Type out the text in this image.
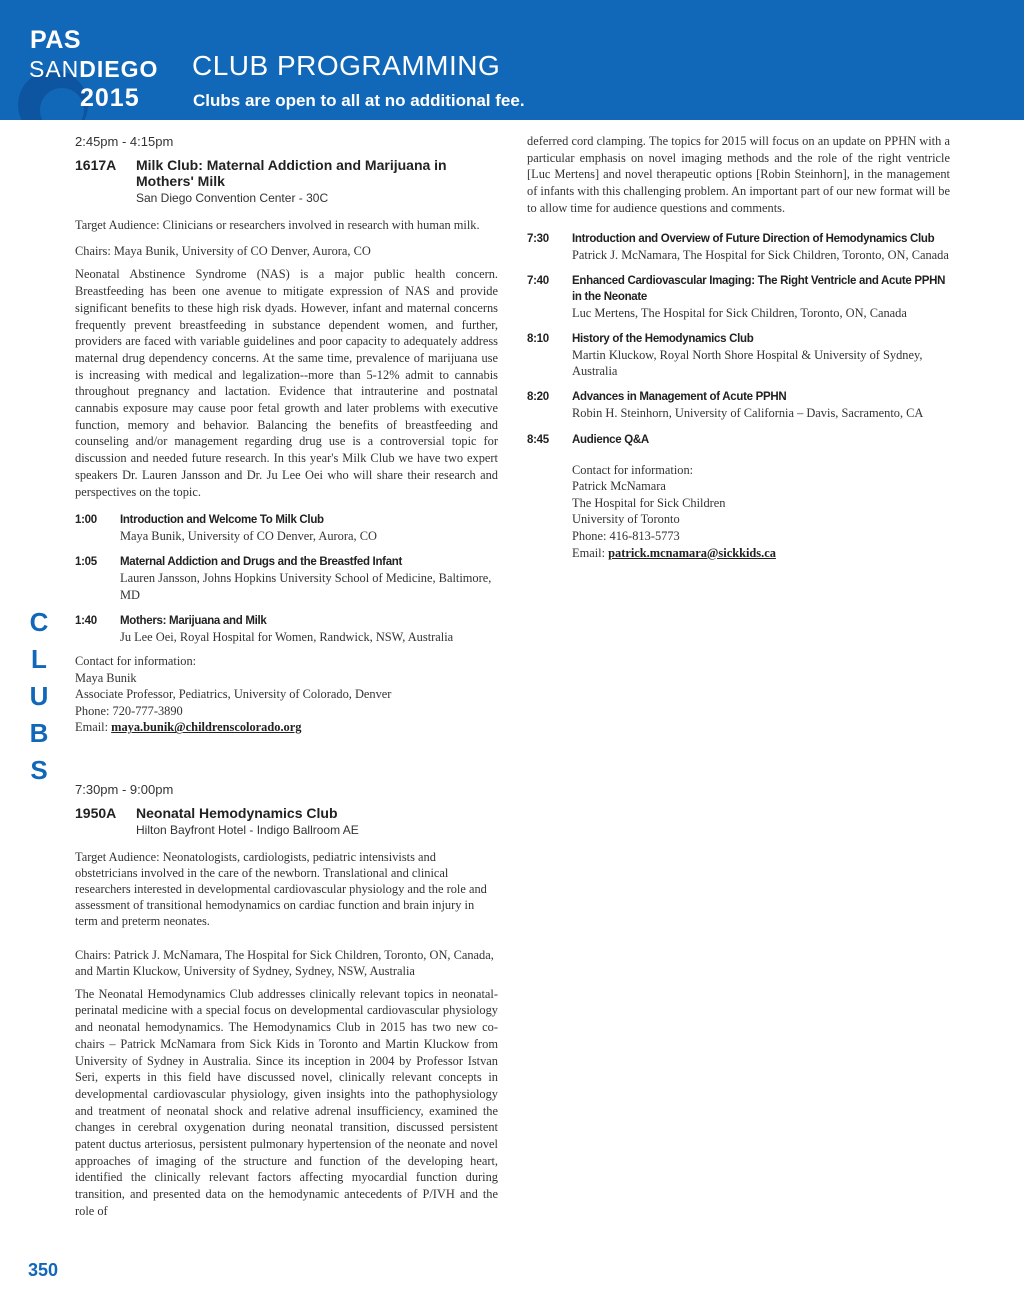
PAS
SANDIEGO
2015
CLUB PROGRAMMING
Clubs are open to all at no additional fee.
C
L
U
B
S
2:45pm - 4:15pm
1617A	Milk Club: Maternal Addiction and Marijuana in Mothers' Milk
San Diego Convention Center - 30C

Target Audience: Clinicians or researchers involved in research with human milk.

Chairs: Maya Bunik, University of CO Denver, Aurora, CO

Neonatal Abstinence Syndrome (NAS) is a major public health concern. Breastfeeding has been one avenue to mitigate expression of NAS and provide significant benefits to these high risk dyads. However, infant and maternal concerns frequently prevent breastfeeding in substance dependent women, and further, providers are faced with variable guidelines and poor capacity to adequately address maternal drug dependency concerns. At the same time, prevalence of marijuana use is increasing with medical and legalization--more than 5-12% admit to cannabis throughout pregnancy and lactation. Evidence that intrauterine and postnatal cannabis exposure may cause poor fetal growth and later problems with executive function, memory and behavior. Balancing the benefits of breastfeeding and counseling and/or management regarding drug use is a controversial topic for discussion and needed future research. In this year's Milk Club we have two expert speakers Dr. Lauren Jansson and Dr. Ju Lee Oei who will share their research and perspectives on the topic.

1:00	Introduction and Welcome To Milk Club
Maya Bunik, University of CO Denver, Aurora, CO
1:05	Maternal Addiction and Drugs and the Breastfed Infant
Lauren Jansson, Johns Hopkins University School of Medicine, Baltimore, MD
1:40	Mothers: Marijuana and Milk
Ju Lee Oei, Royal Hospital for Women, Randwick, NSW, Australia
Contact for information:
Maya Bunik
Associate Professor, Pediatrics, University of Colorado, Denver
Phone: 720-777-3890
Email: maya.bunik@childrenscolorado.org
7:30pm - 9:00pm
1950A	Neonatal Hemodynamics Club
Hilton Bayfront Hotel - Indigo Ballroom AE

Target Audience: Neonatologists, cardiologists, pediatric intensivists and obstetricians involved in the care of the newborn. Translational and clinical researchers interested in developmental cardiovascular physiology and the role and assessment of transitional hemodynamics on cardiac function and brain injury in term and preterm neonates.

Chairs: Patrick J. McNamara, The Hospital for Sick Children, Toronto, ON, Canada, and Martin Kluckow, University of Sydney, Sydney, NSW, Australia

The Neonatal Hemodynamics Club addresses clinically relevant topics in neonatal-perinatal medicine with a special focus on developmental cardiovascular physiology and neonatal hemodynamics. The Hemodynamics Club in 2015 has two new co-chairs – Patrick McNamara from Sick Kids in Toronto and Martin Kluckow from University of Sydney in Australia. Since its inception in 2004 by Professor Istvan Seri, experts in this field have discussed novel, clinically relevant concepts in developmental cardiovascular physiology, given insights into the pathophysiology and treatment of neonatal shock and relative adrenal insufficiency, examined the changes in cerebral oxygenation during neonatal transition, discussed persistent patent ductus arteriosus, persistent pulmonary hypertension of the neonate and novel approaches of imaging of the structure and function of the developing heart, identified the clinically relevant factors affecting myocardial function during transition, and presented data on the hemodynamic antecedents of P/IVH and the role of

deferred cord clamping. The topics for 2015 will focus on an update on PPHN with a particular emphasis on novel imaging methods and the role of the right ventricle [Luc Mertens] and novel therapeutic options [Robin Steinhorn], in the management of infants with this challenging problem. An important part of our new format will be to allow time for audience questions and comments.

7:30	Introduction and Overview of Future Direction of Hemodynamics Club
Patrick J. McNamara, The Hospital for Sick Children, Toronto, ON, Canada
7:40	Enhanced Cardiovascular Imaging: The Right Ventricle and Acute PPHN in the Neonate
Luc Mertens, The Hospital for Sick Children, Toronto, ON, Canada
8:10	History of the Hemodynamics Club
Martin Kluckow, Royal North Shore Hospital & University of Sydney, Australia
8:20	Advances in Management of Acute PPHN
Robin H. Steinhorn, University of California – Davis, Sacramento, CA
8:45	Audience Q&A
Contact for information:
Patrick McNamara
The Hospital for Sick Children
University of Toronto
Phone: 416-813-5773
Email: patrick.mcnamara@sickkids.ca
350
